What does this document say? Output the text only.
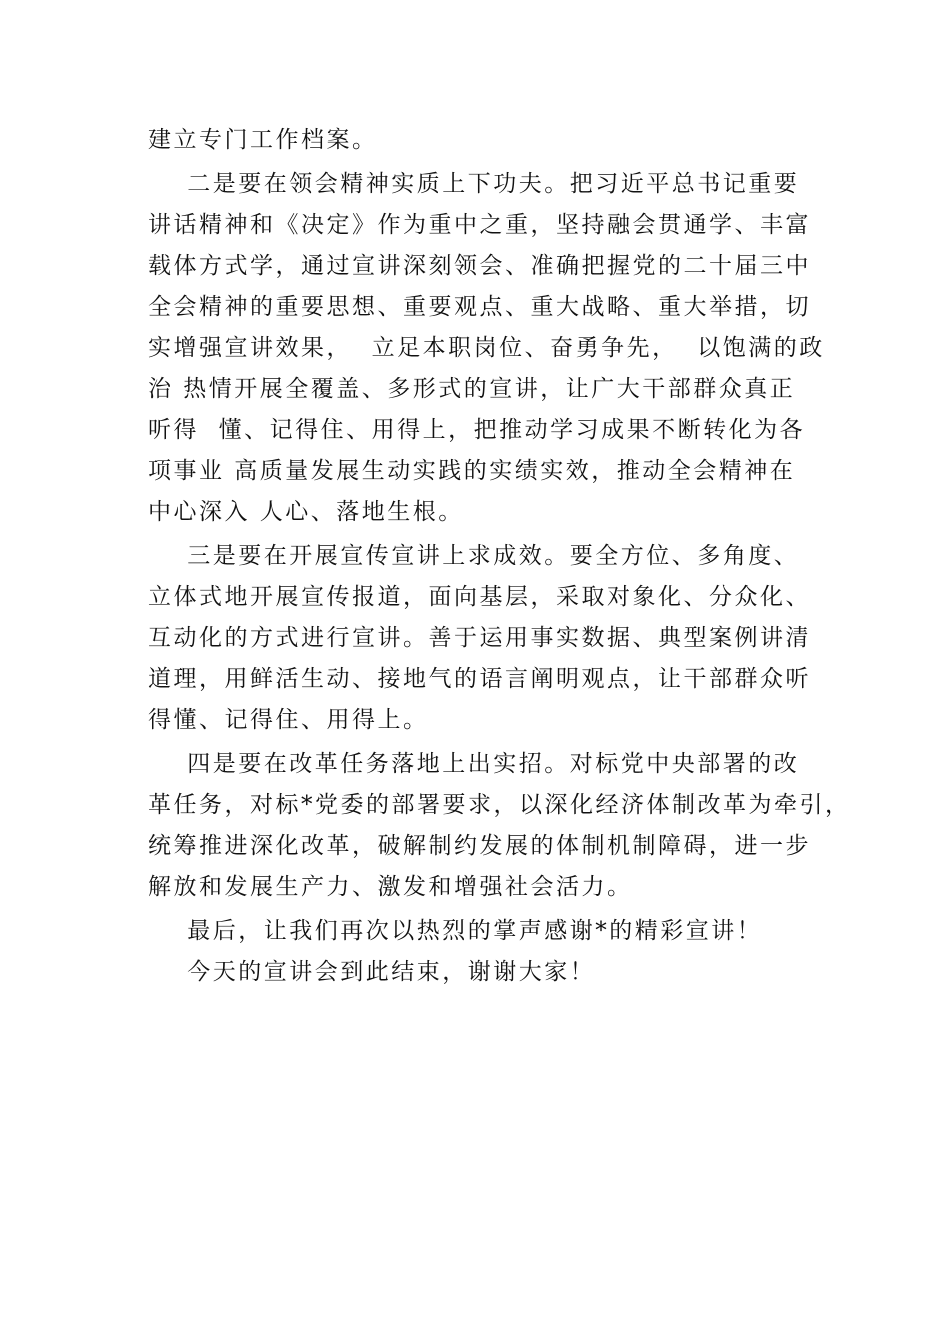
建立专门工作档案。
二是要在领会精神实质上下功夫。把习近平总书记重要
讲话精神和《决定》作为重中之重，坚持融会贯通学、丰富
载体方式学，通过宣讲深刻领会、准确把握党的二十届三中
全会精神的重要思想、重要观点、重大战略、重大举措，切
实增强宣讲效果，  立足本职岗位、奋勇争先，  以饱满的政
治 热情开展全覆盖、多形式的宣讲，让广大干部群众真正
听得  懂、记得住、用得上，把推动学习成果不断转化为各
项事业 高质量发展生动实践的实绩实效，推动全会精神在
中心深入 人心、落地生根。
三是要在开展宣传宣讲上求成效。要全方位、多角度、
立体式地开展宣传报道，面向基层，采取对象化、分众化、
互动化的方式进行宣讲。善于运用事实数据、典型案例讲清
道理，用鲜活生动、接地气的语言阐明观点，让干部群众听
得懂、记得住、用得上。
四是要在改革任务落地上出实招。对标党中央部署的改
革任务，对标*党委的部署要求，以深化经济体制改革为牵引，
统筹推进深化改革，破解制约发展的体制机制障碍，进一步
解放和发展生产力、激发和增强社会活力。
最后，让我们再次以热烈的掌声感谢*的精彩宣讲！
今天的宣讲会到此结束，谢谢大家！
